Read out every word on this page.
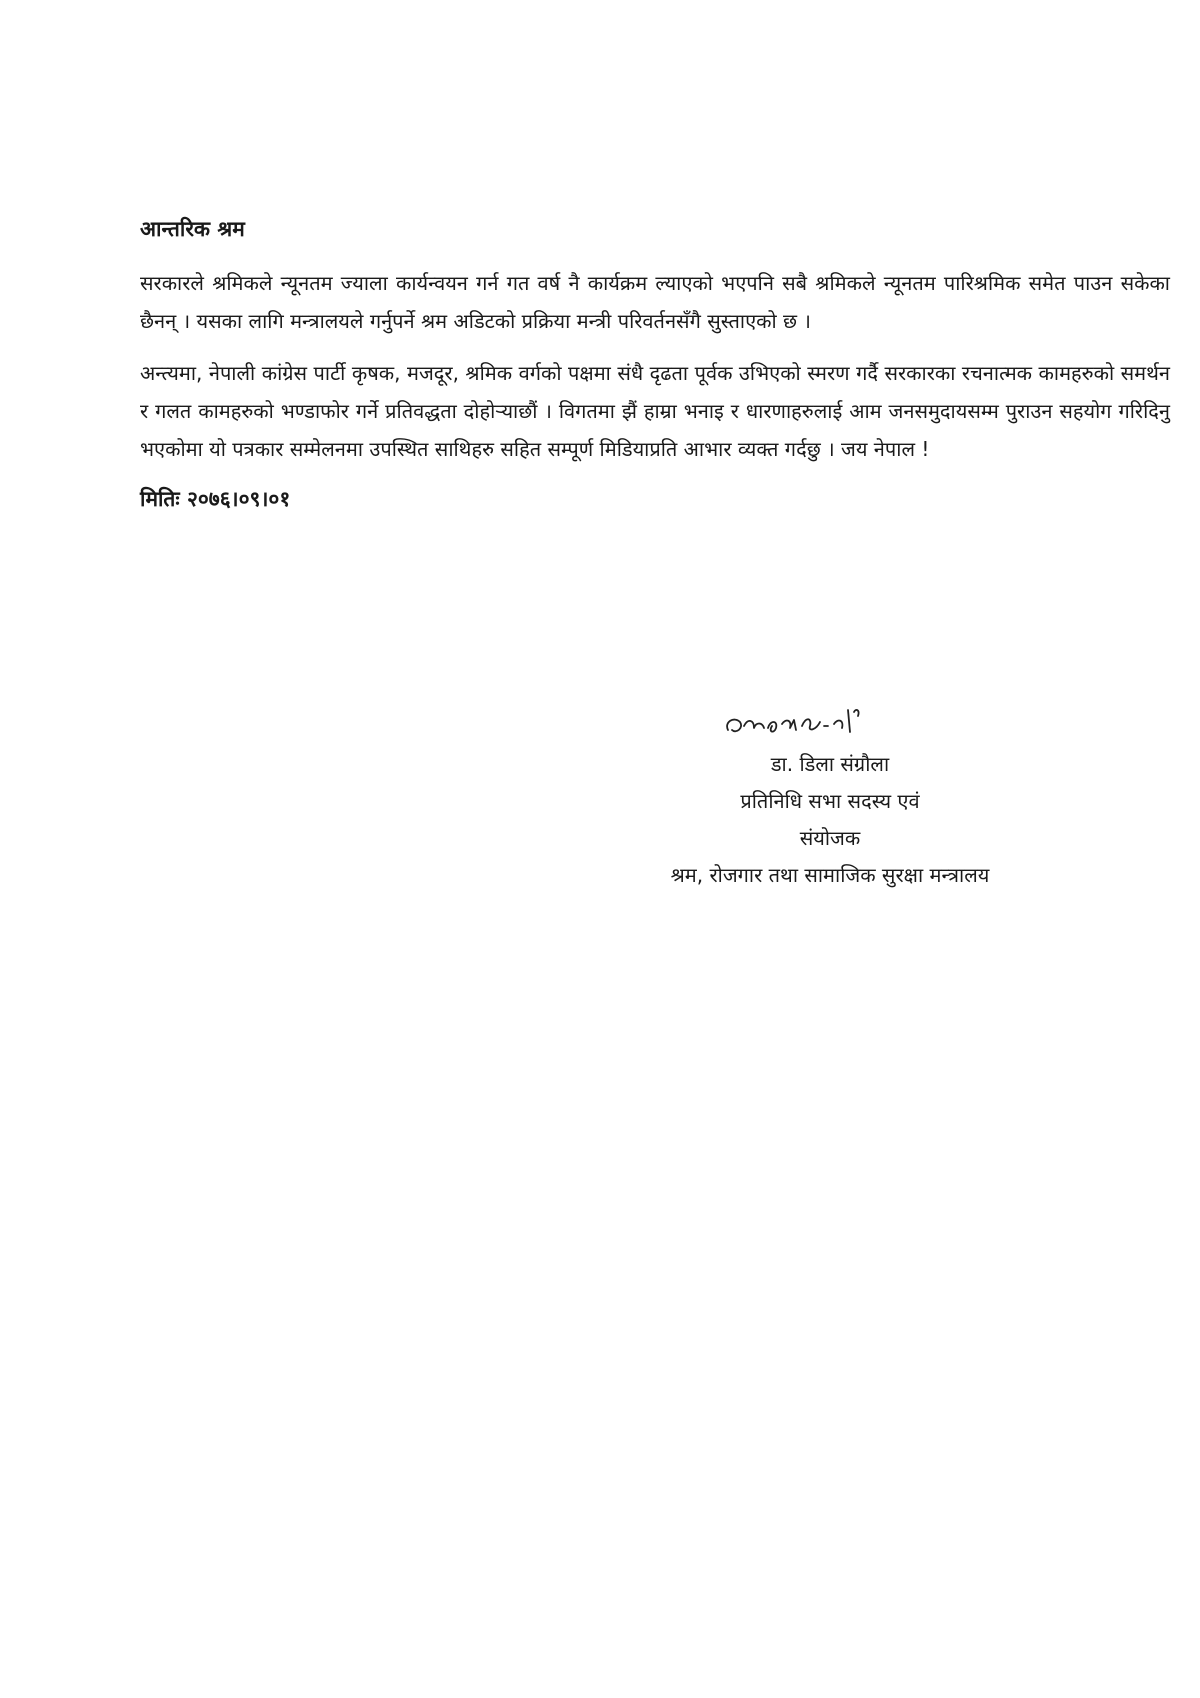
आन्तरिक श्रम

सरकारले श्रमिकले न्यूनतम ज्याला कार्यन्वयन गर्न गत वर्ष नै कार्यक्रम ल्याएको भएपनि सबै श्रमिकले न्यूनतम पारिश्रमिक समेत पाउन सकेका छैनन् । यसका लागि मन्त्रालयले गर्नुपर्ने श्रम अडिटको प्रक्रिया मन्त्री परिवर्तनसँगै सुस्ताएको छ ।

अन्त्यमा, नेपाली कांग्रेस पार्टी कृषक, मजदूर, श्रमिक वर्गको पक्षमा संधै दृढता पूर्वक उभिएको स्मरण गर्दै सरकारका रचनात्मक कामहरुको समर्थन र गलत कामहरुको भण्डाफोर गर्ने प्रतिवद्धता दोहोऱ्याछौं । विगतमा झैं हाम्रा भनाइ र धारणाहरुलाई आम जनसमुदायसम्म पुराउन सहयोग गरिदिनु भएकोमा यो पत्रकार सम्मेलनमा उपस्थित साथिहरु सहित सम्पूर्ण मिडियाप्रति आभार व्यक्त गर्दछु । जय नेपाल !

मितिः २०७६।०९।०१

डा. डिला संग्रौला

प्रतिनिधि सभा सदस्य एवं

संयोजक

श्रम, रोजगार तथा सामाजिक सुरक्षा मन्त्रालय
